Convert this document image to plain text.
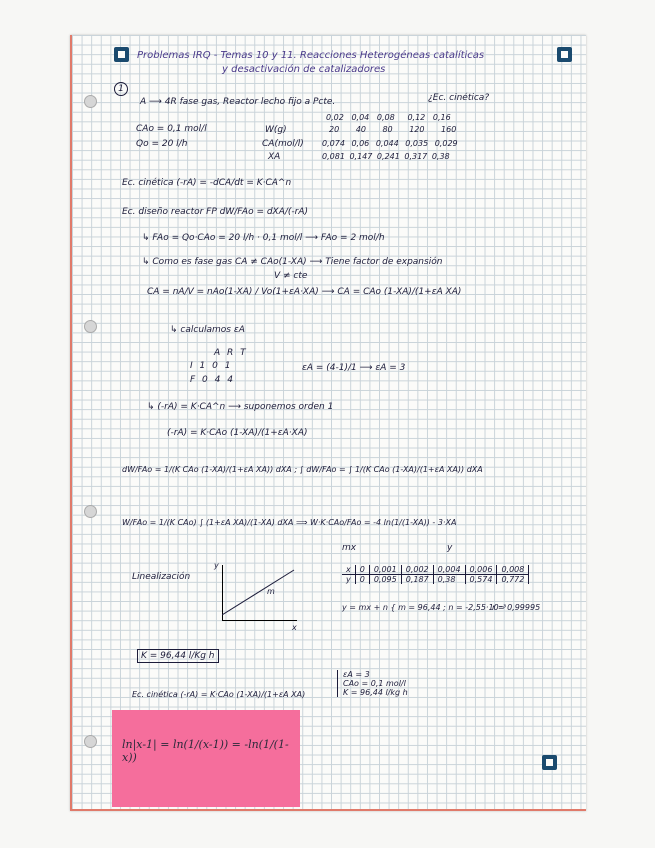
Problemas IRQ - Temas 10 y 11. Reacciones Heterogéneas catalíticas
y desactivación de catalizadores
1
A ⟶ 4R fase gas, Reactor lecho fijo a Pcte.	¿Ec. cinética?
CAo = 0,1 mol/l
Qo = 20 l/h
0,02 0,04 0,08 0,12 0,16
W(g)	20 40 80 120 160
CA(mol/l) 0,074 0,06 0,044 0,035 0,029
XA	0,081 0,147 0,241 0,317 0,38
Ec. cinética (-rA) = -dCA/dt = K·CA^n
Ec. diseño reactor FP dW/FAo = dXA/(-rA)
↳ FAo = Qo·CAo = 20 l/h · 0,1 mol/l ⟶ FAo = 2 mol/h
↳ Como es fase gas CA ≠ CAo(1-XA) ⟶ Tiene factor de expansión
V ≠ cte
CA = nA/V = nAo(1-XA) / Vo(1+εA·XA) ⟶ CA = CAo (1-XA)/(1+εA XA)
↳ calculamos εA
A R T
I 1 0 1
F 0 4 4
εA = (4-1)/1 ⟶ εA = 3
↳ (-rA) = K·CA^n ⟶ suponemos orden 1
(-rA) = K·CAo (1-XA)/(1+εA·XA)
dW/FAo = 1/(K CAo (1-XA)/(1+εA XA)) dXA ; ∫ dW/FAo = ∫ 1/(K CAo (1-XA)/(1+εA XA)) dXA
W/FAo = 1/(K CAo) ∫ (1+εA XA)/(1-XA) dXA ⟹ W·K·CAo/FAo = -4 ln(1/(1-XA)) - 3·XA
mx	y
Linealización
y
x
m
x	0	0,001	0,002	0,004	0,006	0,008
y	0	0,095	0,187	0,38	0,574	0,772
y = mx + n { m = 96,44 ; n = -2,55·10⁻³
r = 0,99995
K = 96,44 l/Kg h
Ec. cinética (-rA) = K·CAo (1-XA)/(1+εA XA)
εA = 3
CAo = 0,1 mol/l
K = 96,44 l/kg h
ln|x-1| = ln(1/(x-1)) = -ln(1/(1-x))
